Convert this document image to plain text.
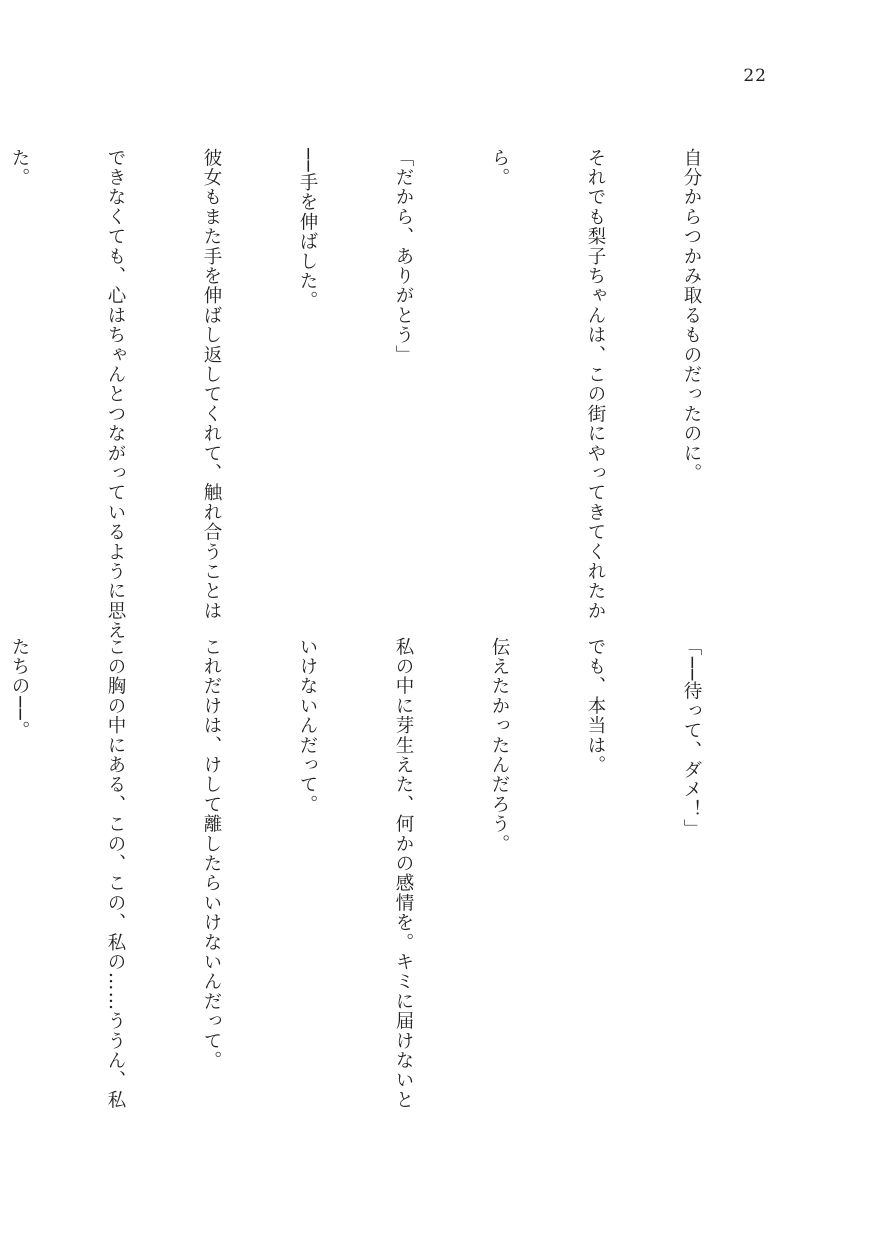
22

自分からつかみ取るものだったのに。

それでも梨子ちゃんは、この街にやってきてくれたか

ら。

「だから、ありがとう」

──手を伸ばした。

彼女もまた手を伸ばし返してくれて、触れ合うことは

できなくても、心はちゃんとつながっているように思え

た。

「──待って、ダメ！」

でも、本当は。

伝えたかったんだろう。

私の中に芽生えた、何かの感情を。キミに届けないと

いけないんだって。

これだけは、けして離したらいけないんだって。

この胸の中にある、この、この、私の……ううん、私

たちの──。
